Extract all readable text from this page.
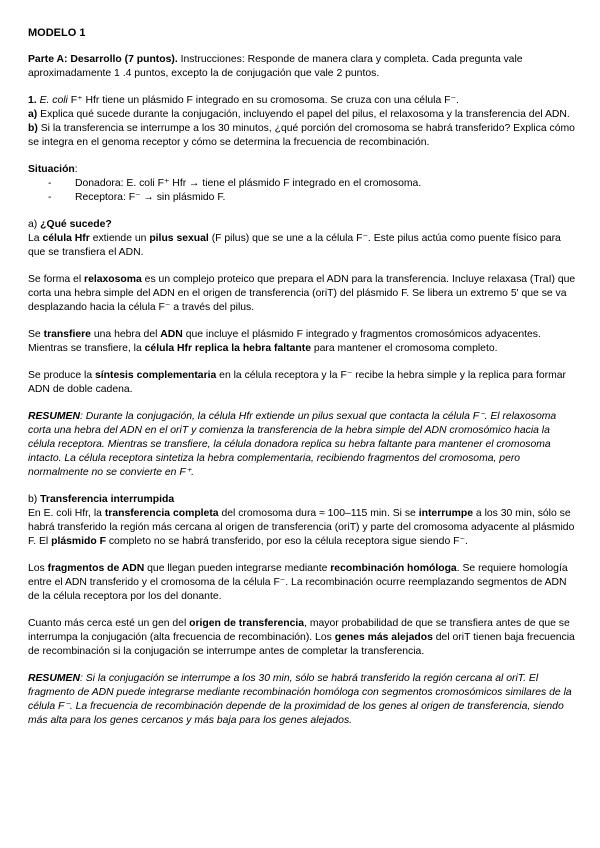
MODELO 1

Parte A: Desarrollo (7 puntos). Instrucciones: Responde de manera clara y completa. Cada pregunta vale aproximadamente 1 .4 puntos, excepto la de conjugación que vale 2 puntos.

1. E. coli F⁺ Hfr tiene un plásmido F integrado en su cromosoma. Se cruza con una célula F⁻.

a) Explica qué sucede durante la conjugación, incluyendo el papel del pilus, el relaxosoma y la transferencia del ADN.

b) Si la transferencia se interrumpe a los 30 minutos, ¿qué porción del cromosoma se habrá transferido? Explica cómo se integra en el genoma receptor y cómo se determina la frecuencia de recombinación.

Situación:

- Donadora: E. coli F⁺ Hfr → tiene el plásmido F integrado en el cromosoma.
- Receptora: F⁻ → sin plásmido F.

a) ¿Qué sucede?

La célula Hfr extiende un pilus sexual (F pilus) que se une a la célula F⁻. Este pilus actúa como puente físico para que se transfiera el ADN.

Se forma el relaxosoma es un complejo proteico que prepara el ADN para la transferencia. Incluye relaxasa (TraI) que corta una hebra simple del ADN en el origen de transferencia (oriT) del plásmido F. Se libera un extremo 5' que se va desplazando hacia la célula F⁻ a través del pilus.

Se transfiere una hebra del ADN que incluye el plásmido F integrado y fragmentos cromosómicos adyacentes. Mientras se transfiere, la célula Hfr replica la hebra faltante para mantener el cromosoma completo.

Se produce la síntesis complementaria en la célula receptora y la F⁻ recibe la hebra simple y la replica para formar ADN de doble cadena.

RESUMEN: Durante la conjugación, la célula Hfr extiende un pilus sexual que contacta la célula F⁻. El relaxosoma corta una hebra del ADN en el oriT y comienza la transferencia de la hebra simple del ADN cromosómico hacia la célula receptora. Mientras se transfiere, la célula donadora replica su hebra faltante para mantener el cromosoma intacto. La célula receptora sintetiza la hebra complementaria, recibiendo fragmentos del cromosoma, pero normalmente no se convierte en F⁺.

b) Transferencia interrumpida

En E. coli Hfr, la transferencia completa del cromosoma dura ≈ 100–115 min. Si se interrumpe a los 30 min, sólo se habrá transferido la región más cercana al origen de transferencia (oriT) y parte del cromosoma adyacente al plásmido F. El plásmido F completo no se habrá transferido, por eso la célula receptora sigue siendo F⁻.

Los fragmentos de ADN que llegan pueden integrarse mediante recombinación homóloga. Se requiere homología entre el ADN transferido y el cromosoma de la célula F⁻. La recombinación ocurre reemplazando segmentos de ADN de la célula receptora por los del donante.

Cuanto más cerca esté un gen del origen de transferencia, mayor probabilidad de que se transfiera antes de que se interrumpa la conjugación (alta frecuencia de recombinación). Los genes más alejados del oriT tienen baja frecuencia de recombinación si la conjugación se interrumpe antes de completar la transferencia.

RESUMEN: Si la conjugación se interrumpe a los 30 min, sólo se habrá transferido la región cercana al oriT. El fragmento de ADN puede integrarse mediante recombinación homóloga con segmentos cromosómicos similares de la célula F⁻. La frecuencia de recombinación depende de la proximidad de los genes al origen de transferencia, siendo más alta para los genes cercanos y más baja para los genes alejados.
